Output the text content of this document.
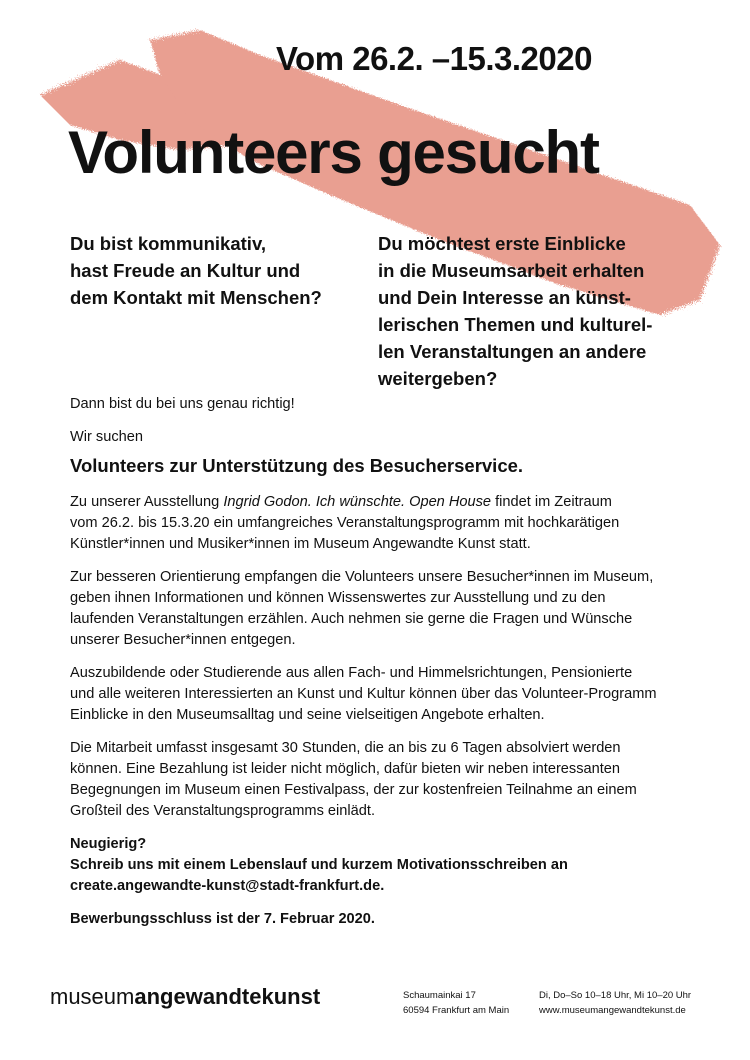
Vom 26.2. –15.3.2020
Volunteers gesucht
Du bist kommunikativ,
hast Freude an Kultur und
dem Kontakt mit Menschen?
Du möchtest erste Einblicke
in die Museumsarbeit erhalten
und Dein Interesse an künst-
lerischen Themen und kulturel-
len Veranstaltungen an andere
weitergeben?

Dann bist du bei uns genau richtig!

Wir suchen

Volunteers zur Unterstützung des Besucherservice.

Zu unserer Ausstellung Ingrid Godon. Ich wünschte. Open House findet im Zeitraum
vom 26.2. bis 15.3.20 ein umfangreiches Veranstaltungsprogramm mit hochkarätigen
Künstler*innen und Musiker*innen im Museum Angewandte Kunst statt.

Zur besseren Orientierung empfangen die Volunteers unsere Besucher*innen im Museum,
geben ihnen Informationen und können Wissenswertes zur Ausstellung und zu den
laufenden Veranstaltungen erzählen. Auch nehmen sie gerne die Fragen und Wünsche
unserer Besucher*innen entgegen.

Auszubildende oder Studierende aus allen Fach- und Himmelsrichtungen, Pensionierte
und alle weiteren Interessierten an Kunst und Kultur können über das Volunteer-Programm
Einblicke in den Museumsalltag und seine vielseitigen Angebote erhalten.

Die Mitarbeit umfasst insgesamt 30 Stunden, die an bis zu 6 Tagen absolviert werden
können. Eine Bezahlung ist leider nicht möglich, dafür bieten wir neben interessanten
Begegnungen im Museum einen Festivalpass, der zur kostenfreien Teilnahme an einem
Großteil des Veranstaltungsprogramms einlädt.

Neugierig?
Schreib uns mit einem Lebenslauf und kurzem Motivationsschreiben an
create.angewandte-kunst@stadt-frankfurt.de.

Bewerbungsschluss ist der 7. Februar 2020.

museumangewandtekunst	Schaumainkai 17
60594 Frankfurt am Main
Di, Do–So 10–18 Uhr, Mi 10–20 Uhr
www.museumangewandtekunst.de
